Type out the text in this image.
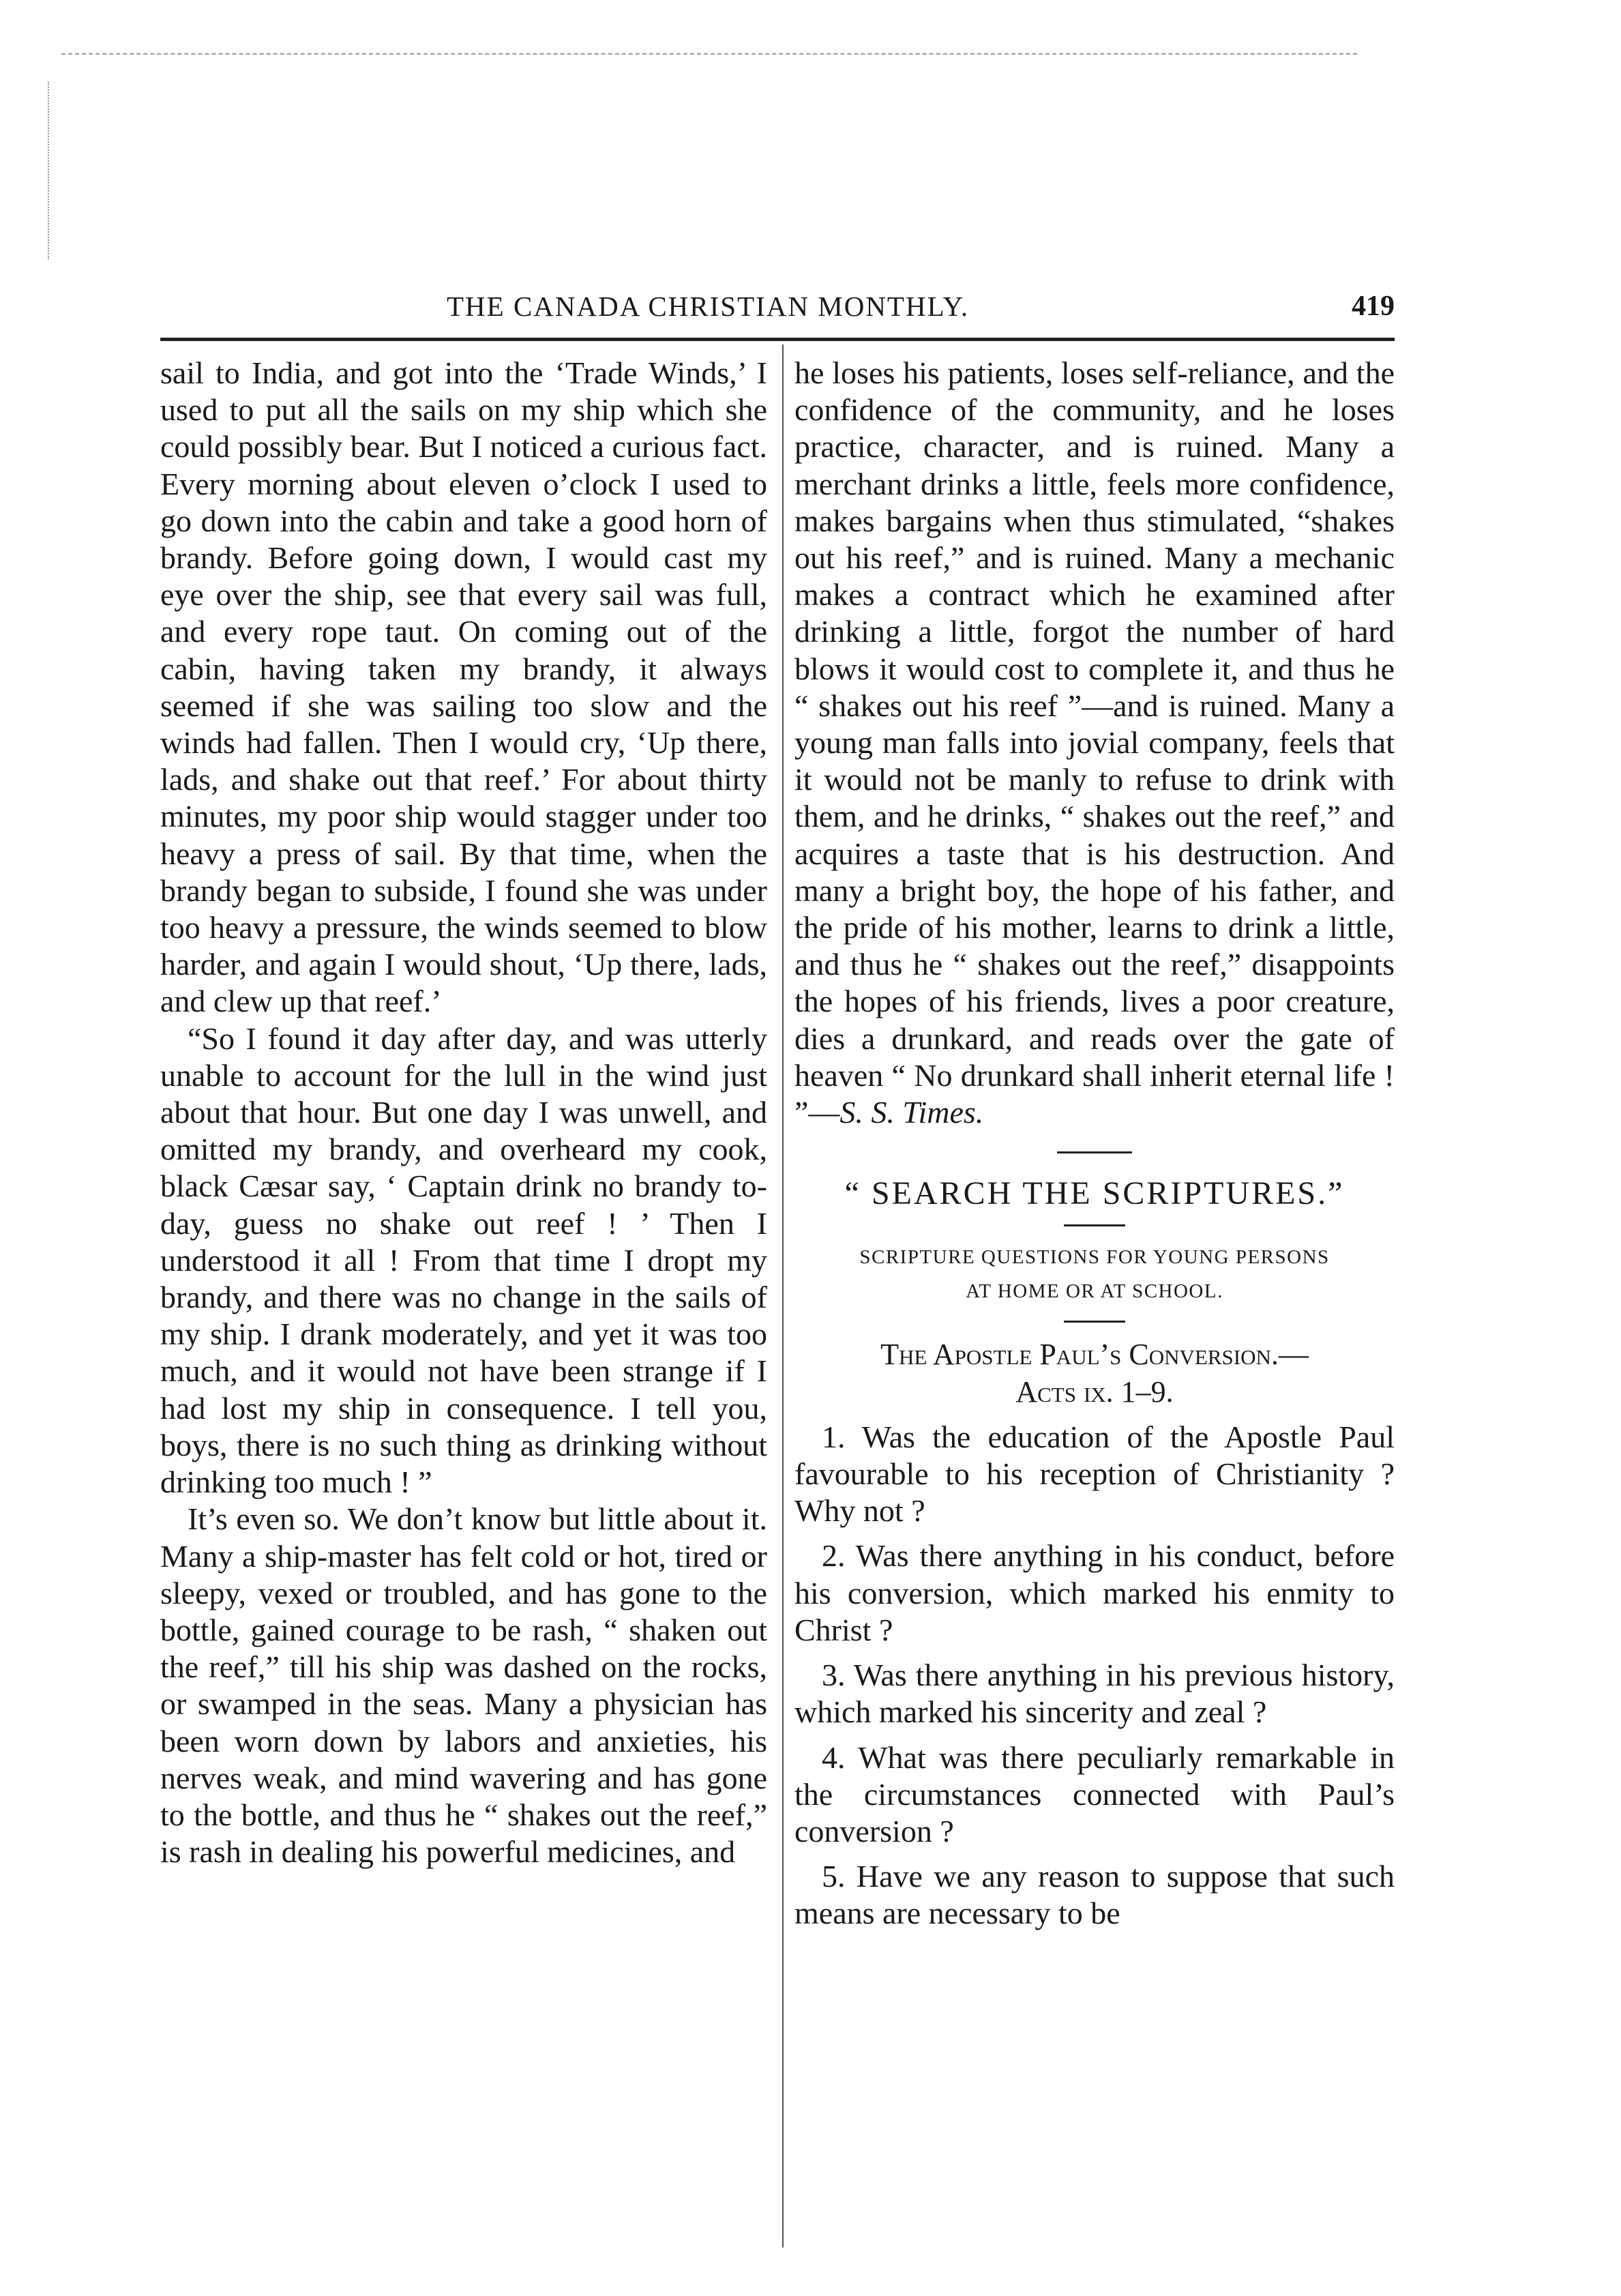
THE CANADA CHRISTIAN MONTHLY.	419

sail to India, and got into the ‘Trade Winds,’ I used to put all the sails on my ship which she could possibly bear. But I noticed a curious fact. Every morning about eleven o’clock I used to go down into the cabin and take a good horn of brandy. Before going down, I would cast my eye over the ship, see that every sail was full, and every rope taut. On coming out of the cabin, having taken my brandy, it always seemed if she was sailing too slow and the winds had fallen. Then I would cry, ‘Up there, lads, and shake out that reef.’ For about thirty minutes, my poor ship would stagger under too heavy a press of sail. By that time, when the brandy began to subside, I found she was under too heavy a pressure, the winds seemed to blow harder, and again I would shout, ‘Up there, lads, and clew up that reef.’

“So I found it day after day, and was utterly unable to account for the lull in the wind just about that hour. But one day I was unwell, and omitted my brandy, and overheard my cook, black Cæsar say, ‘ Captain drink no brandy to-day, guess no shake out reef ! ’ Then I understood it all ! From that time I dropt my brandy, and there was no change in the sails of my ship. I drank moderately, and yet it was too much, and it would not have been strange if I had lost my ship in consequence. I tell you, boys, there is no such thing as drinking without drinking too much ! ”

It’s even so. We don’t know but little about it. Many a ship-master has felt cold or hot, tired or sleepy, vexed or troubled, and has gone to the bottle, gained courage to be rash, “ shaken out the reef,” till his ship was dashed on the rocks, or swamped in the seas. Many a physician has been worn down by labors and anxieties, his nerves weak, and mind wavering and has gone to the bottle, and thus he “ shakes out the reef,” is rash in dealing his powerful medicines, and

he loses his patients, loses self-reliance, and the confidence of the community, and he loses practice, character, and is ruined. Many a merchant drinks a little, feels more confidence, makes bargains when thus stimulated, “shakes out his reef,” and is ruined. Many a mechanic makes a contract which he examined after drinking a little, forgot the number of hard blows it would cost to complete it, and thus he “ shakes out his reef ”—and is ruined. Many a young man falls into jovial company, feels that it would not be manly to refuse to drink with them, and he drinks, “ shakes out the reef,” and acquires a taste that is his destruction. And many a bright boy, the hope of his father, and the pride of his mother, learns to drink a little, and thus he “ shakes out the reef,” disappoints the hopes of his friends, lives a poor creature, dies a drunkard, and reads over the gate of heaven “ No drunkard shall inherit eternal life ! ”—S. S. Times.

“ SEARCH THE SCRIPTURES.”

SCRIPTURE QUESTIONS FOR YOUNG PERSONS
AT HOME OR AT SCHOOL.

The Apostle Paul’s Conversion.—
Acts ix. 1–9.

1. Was the education of the Apostle Paul favourable to his reception of Christianity ? Why not ?

2. Was there anything in his conduct, before his conversion, which marked his enmity to Christ ?

3. Was there anything in his previous history, which marked his sincerity and zeal ?

4. What was there peculiarly remarkable in the circumstances connected with Paul’s conversion ?

5. Have we any reason to suppose that such means are necessary to be
